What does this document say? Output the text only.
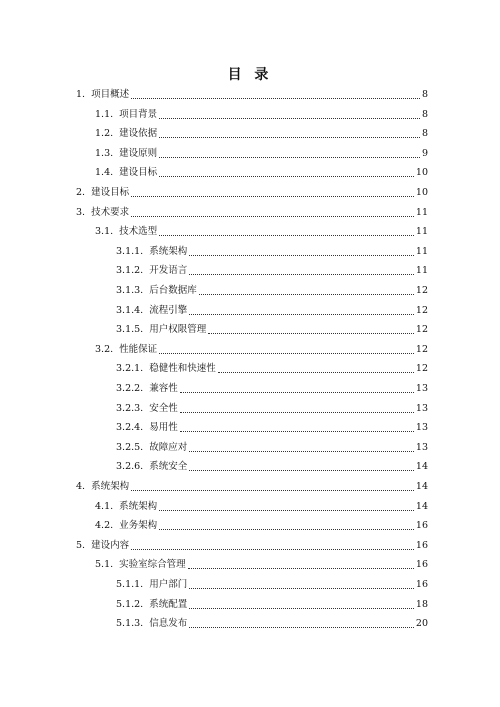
目 录
1. 项目概述	8
1.1. 项目背景	8
1.2. 建设依据	8
1.3. 建设原则	9
1.4. 建设目标	10
2. 建设目标	10
3. 技术要求	11
3.1. 技术选型	11
3.1.1. 系统架构	11
3.1.2. 开发语言	11
3.1.3. 后台数据库	12
3.1.4. 流程引擎	12
3.1.5. 用户权限管理	12
3.2. 性能保证	12
3.2.1. 稳健性和快速性	12
3.2.2. 兼容性	13
3.2.3. 安全性	13
3.2.4. 易用性	13
3.2.5. 故障应对	13
3.2.6. 系统安全	14
4. 系统架构	14
4.1. 系统架构	14
4.2. 业务架构	16
5. 建设内容	16
5.1. 实验室综合管理	16
5.1.1. 用户部门	16
5.1.2. 系统配置	18
5.1.3. 信息发布	20
